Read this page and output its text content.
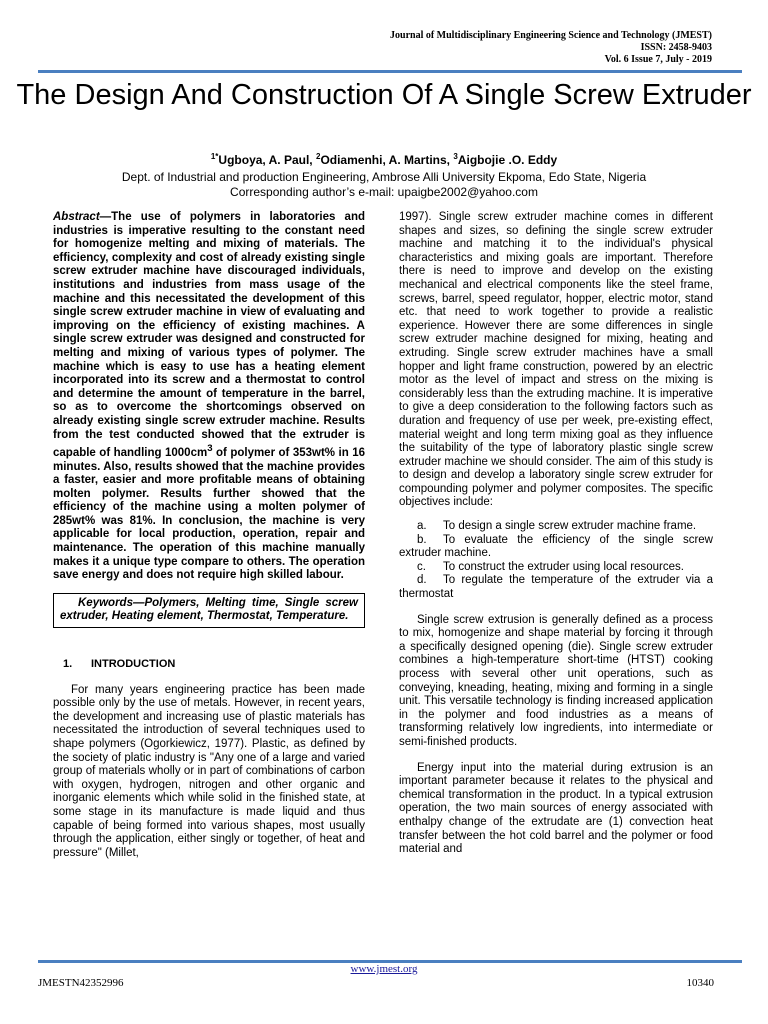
Journal of Multidisciplinary Engineering Science and Technology (JMEST)
ISSN: 2458-9403
Vol. 6 Issue 7, July - 2019
The Design And Construction Of A Single Screw Extruder
$^{1*}$Ugboya, A. Paul, $^2$Odiamenhi, A. Martins, $^3$Aigbojie .O. Eddy
Dept. of Industrial and production Engineering, Ambrose Alli University Ekpoma, Edo State, Nigeria
Corresponding author’s e-mail: upaigbe2002@yahoo.com
Abstract—The use of polymers in laboratories and industries is imperative resulting to the constant need for homogenize melting and mixing of materials. The efficiency, complexity and cost of already existing single screw extruder machine have discouraged individuals, institutions and industries from mass usage of the machine and this necessitated the development of this single screw extruder machine in view of evaluating and improving on the efficiency of existing machines. A single screw extruder was designed and constructed for melting and mixing of various types of polymer. The machine which is easy to use has a heating element incorporated into its screw and a thermostat to control and determine the amount of temperature in the barrel, so as to overcome the shortcomings observed on already existing single screw extruder machine. Results from the test conducted showed that the extruder is capable of handling $1000cm^3$ of polymer of 353wt% in 16 minutes. Also, results showed that the machine provides a faster, easier and more profitable means of obtaining molten polymer. Results further showed that the efficiency of the machine using a molten polymer of 285wt% was 81%. In conclusion, the machine is very applicable for local production, operation, repair and maintenance. The operation of this machine manually makes it a unique type compare to others. The operation save energy and does not require high skilled labour.
Keywords—Polymers, Melting time, Single screw extruder, Heating element, Thermostat, Temperature.
1. INTRODUCTION

For many years engineering practice has been made possible only by the use of metals. However, in recent years, the development and increasing use of plastic materials has necessitated the introduction of several techniques used to shape polymers (Ogorkiewicz, 1977). Plastic, as defined by the society of platic industry is "Any one of a large and varied group of materials wholly or in part of combinations of carbon with oxygen, hydrogen, nitrogen and other organic and inorganic elements which while solid in the finished state, at some stage in its manufacture is made liquid and thus capable of being formed into various shapes, most usually through the application, either singly or together, of heat and pressure" (Millet,

1997). Single screw extruder machine comes in different shapes and sizes, so defining the single screw extruder machine and matching it to the individual's physical characteristics and mixing goals are important. Therefore there is need to improve and develop on the existing mechanical and electrical components like the steel frame, screws, barrel, speed regulator, hopper, electric motor, stand etc. that need to work together to provide a realistic experience. However there are some differences in single screw extruder machine designed for mixing, heating and extruding. Single screw extruder machines have a small hopper and light frame construction, powered by an electric motor as the level of impact and stress on the mixing is considerably less than the extruding machine. It is imperative to give a deep consideration to the following factors such as duration and frequency of use per week, pre-existing effect, material weight and long term mixing goal as they influence the suitability of the type of laboratory plastic single screw extruder machine we should consider. The aim of this study is to design and develop a laboratory single screw extruder for compounding polymer and polymer composites. The specific objectives include:

a. To design a single screw extruder machine frame.
b. To evaluate the efficiency of the single screw extruder machine.
c. To construct the extruder using local resources.
d. To regulate the temperature of the extruder via a thermostat

Single screw extrusion is generally defined as a process to mix, homogenize and shape material by forcing it through a specifically designed opening (die). Single screw extruder combines a high-temperature short-time (HTST) cooking process with several other unit operations, such as conveying, kneading, heating, mixing and forming in a single unit. This versatile technology is finding increased application in the polymer and food industries as a means of transforming relatively low ingredients, into intermediate or semi-finished products.

Energy input into the material during extrusion is an important parameter because it relates to the physical and chemical transformation in the product. In a typical extrusion operation, the two main sources of energy associated with enthalpy change of the extrudate are (1) convection heat transfer between the hot cold barrel and the polymer or food material and

www.jmest.org
JMESTN42352996	10340
